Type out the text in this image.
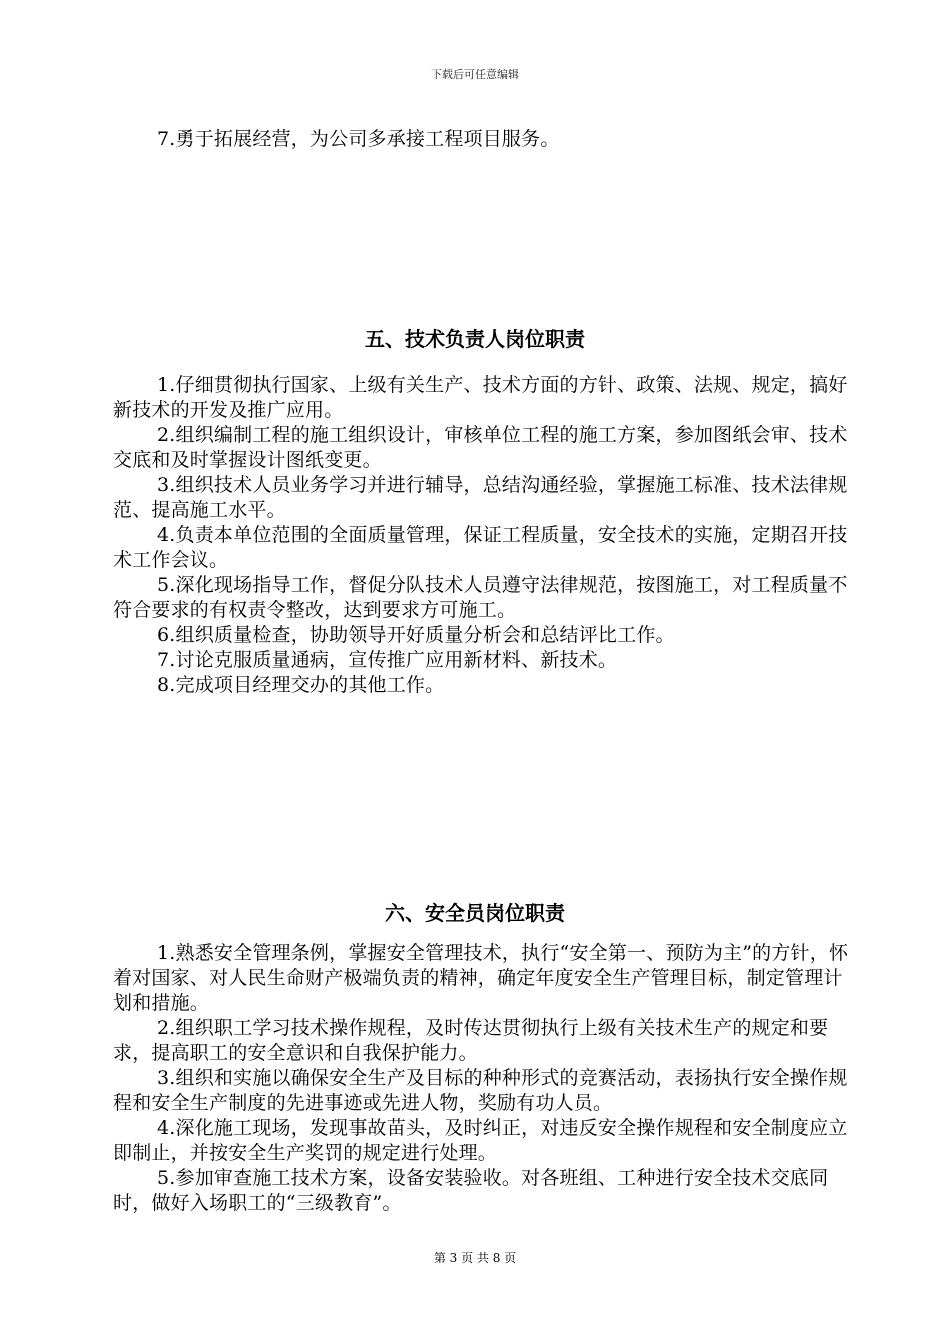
下载后可任意编辑

7.勇于拓展经营，为公司多承接工程项目服务。

五、技术负责人岗位职责

1.仔细贯彻执行国家、上级有关生产、技术方面的方针、政策、法规、规定，搞好新技术的开发及推广应用。

2.组织编制工程的施工组织设计，审核单位工程的施工方案，参加图纸会审、技术交底和及时掌握设计图纸变更。

3.组织技术人员业务学习并进行辅导，总结沟通经验，掌握施工标准、技术法律规范、提高施工水平。

4.负责本单位范围的全面质量管理，保证工程质量，安全技术的实施，定期召开技术工作会议。

5.深化现场指导工作，督促分队技术人员遵守法律规范，按图施工，对工程质量不符合要求的有权责令整改，达到要求方可施工。

6.组织质量检查，协助领导开好质量分析会和总结评比工作。

7.讨论克服质量通病，宣传推广应用新材料、新技术。

8.完成项目经理交办的其他工作。

六、安全员岗位职责

1.熟悉安全管理条例，掌握安全管理技术，执行“安全第一、预防为主”的方针，怀着对国家、对人民生命财产极端负责的精神，确定年度安全生产管理目标，制定管理计划和措施。

2.组织职工学习技术操作规程，及时传达贯彻执行上级有关技术生产的规定和要求，提高职工的安全意识和自我保护能力。

3.组织和实施以确保安全生产及目标的种种形式的竞赛活动，表扬执行安全操作规程和安全生产制度的先进事迹或先进人物，奖励有功人员。

4.深化施工现场，发现事故苗头，及时纠正，对违反安全操作规程和安全制度应立即制止，并按安全生产奖罚的规定进行处理。

5.参加审查施工技术方案，设备安装验收。对各班组、工种进行安全技术交底同时，做好入场职工的“三级教育”。

第 3 页 共 8 页
